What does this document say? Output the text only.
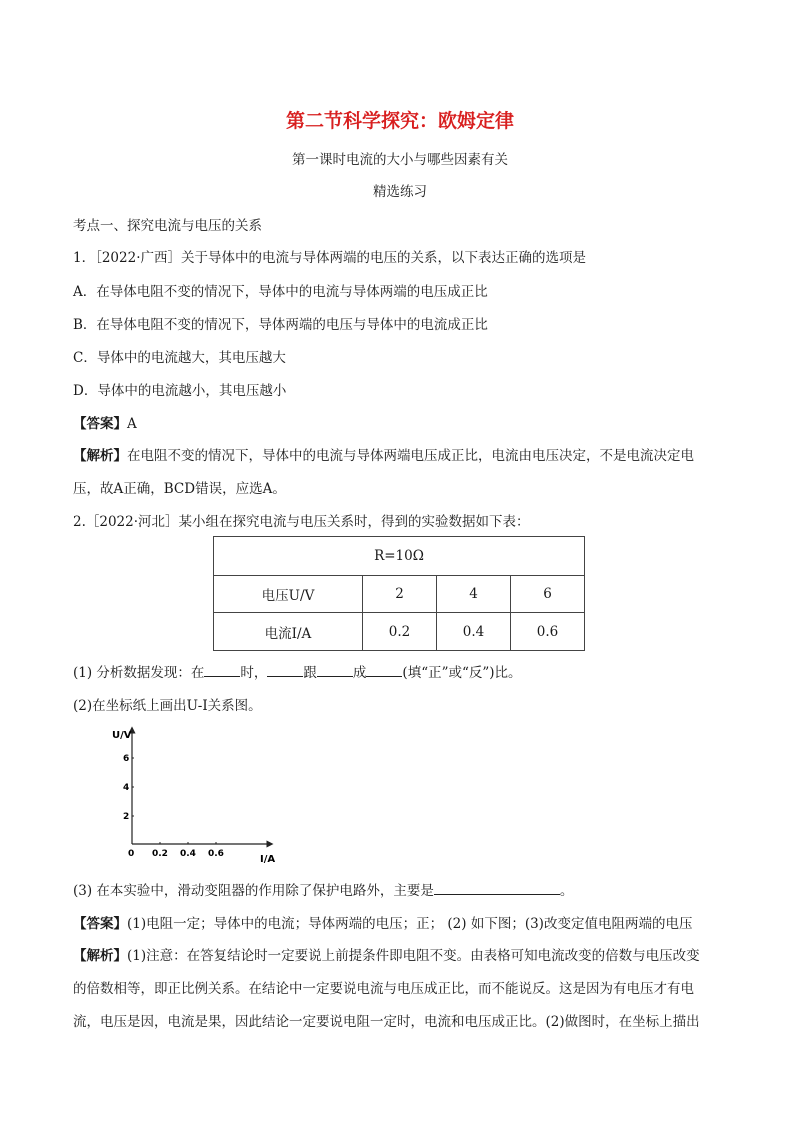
第二节科学探究：欧姆定律
第一课时电流的大小与哪些因素有关
精选练习
考点一、探究电流与电压的关系
1．［2022·广西］关于导体中的电流与导体两端的电压的关系，以下表达正确的选项是
A．在导体电阻不变的情况下，导体中的电流与导体两端的电压成正比
B．在导体电阻不变的情况下，导体两端的电压与导体中的电流成正比
C．导体中的电流越大，其电压越大
D．导体中的电流越小，其电压越小
【答案】A
【解析】在电阻不变的情况下，导体中的电流与导体两端电压成正比，电流由电压决定，不是电流决定电
压，故A正确，BCD错误，应选A。
2.［2022·河北］某小组在探究电流与电压关系时，得到的实验数据如下表：
R=10Ω			
电压U/V	2	4	6
电流I/A	0.2	0.4	0.6
(1) 分析数据发现：在	时，	跟	成	(填“正”或“反”)比。
(2)在坐标纸上画出U-I关系图。
U/V
I/A
0 0.2 0.4 0.6
2
4
6
(3) 在本实验中，滑动变阻器的作用除了保护电路外，主要是	。
【答案】(1)电阻一定；导体中的电流；导体两端的电压；正； (2) 如下图；(3)改变定值电阻两端的电压
【解析】(1)注意：在答复结论时一定要说上前提条件即电阻不变。由表格可知电流改变的倍数与电压改变
的倍数相等，即正比例关系。在结论中一定要说电流与电压成正比，而不能说反。这是因为有电压才有电
流，电压是因，电流是果，因此结论一定要说电阻一定时，电流和电压成正比。(2)做图时，在坐标上描出
